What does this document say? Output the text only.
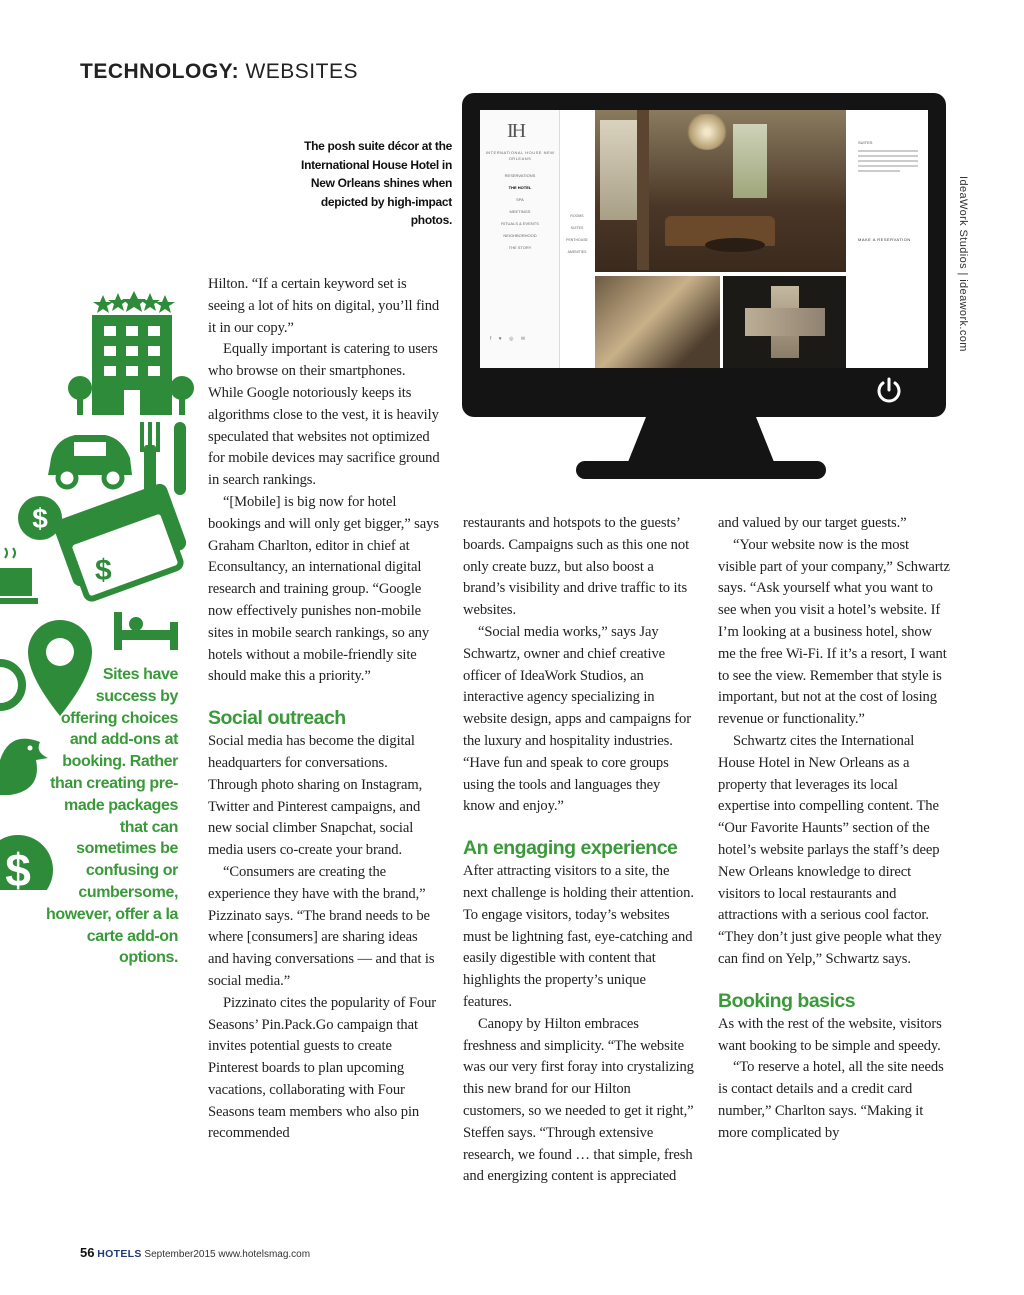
TECHNOLOGY: WEBSITES
The posh suite décor at the International House Hotel in New Orleans shines when depicted by high-impact photos.	IdeaWork Studios | ideawork.com
IH
INTERNATIONAL HOUSE NEW ORLEANS
RESERVATIONS
THE HOTEL
SPA
MEETINGS
RITUALS & EVENTS
NEIGHBORHOOD
THE STORY
f ♥ ◎ ✉
ROOMS
SUITES
PENTHOUSE
AMENITIES
SUITES
MAKE A RESERVATION
$
$
$
Sites have success by offering choices and add-ons at booking. Rather than creating pre-made packages that can sometimes be confusing or cumbersome, however, offer a la carte add-on options.

Hilton. “If a certain keyword set is seeing a lot of hits on digital, you’ll find it in our copy.”

Equally important is catering to users who browse on their smartphones. While Google notoriously keeps its algorithms close to the vest, it is heavily speculated that websites not optimized for mobile devices may sacrifice ground in search rankings.

“[Mobile] is big now for hotel bookings and will only get bigger,” says Graham Charlton, editor in chief at Econsultancy, an international digital research and training group. “Google now effectively punishes non-mobile sites in mobile search rankings, so any hotels without a mobile-friendly site should make this a priority.”

Social outreach

Social media has become the digital headquarters for conversations. Through photo sharing on Instagram, Twitter and Pinterest campaigns, and new social climber Snapchat, social media users co-create your brand.

“Consumers are creating the experience they have with the brand,” Pizzinato says. “The brand needs to be where [consumers] are sharing ideas and having conversations — and that is social media.”

Pizzinato cites the popularity of Four Seasons’ Pin.Pack.Go campaign that invites potential guests to create Pinterest boards to plan upcoming vacations, collaborating with Four Seasons team members who also pin recommended

restaurants and hotspots to the guests’ boards. Campaigns such as this one not only create buzz, but also boost a brand’s visibility and drive traffic to its websites.

“Social media works,” says Jay Schwartz, owner and chief creative officer of IdeaWork Studios, an interactive agency specializing in website design, apps and campaigns for the luxury and hospitality industries. “Have fun and speak to core groups using the tools and languages they know and enjoy.”

An engaging experience

After attracting visitors to a site, the next challenge is holding their attention. To engage visitors, today’s websites must be lightning fast, eye-catching and easily digestible with content that highlights the property’s unique features.

Canopy by Hilton embraces freshness and simplicity. “The website was our very first foray into crystalizing this new brand for our Hilton customers, so we needed to get it right,” Steffen says. “Through extensive research, we found … that simple, fresh and energizing content is appreciated

and valued by our target guests.”

“Your website now is the most visible part of your company,” Schwartz says. “Ask yourself what you want to see when you visit a hotel’s website. If I’m looking at a business hotel, show me the free Wi-Fi. If it’s a resort, I want to see the view. Remember that style is important, but not at the cost of losing revenue or functionality.”

Schwartz cites the International House Hotel in New Orleans as a property that leverages its local expertise into compelling content. The “Our Favorite Haunts” section of the hotel’s website parlays the staff’s deep New Orleans knowledge to direct visitors to local restaurants and attractions with a serious cool factor. “They don’t just give people what they can find on Yelp,” Schwartz says.

Booking basics

As with the rest of the website, visitors want booking to be simple and speedy.

“To reserve a hotel, all the site needs is contact details and a credit card number,” Charlton says. “Making it more complicated by

56 HOTELS September2015 www.hotelsmag.com
